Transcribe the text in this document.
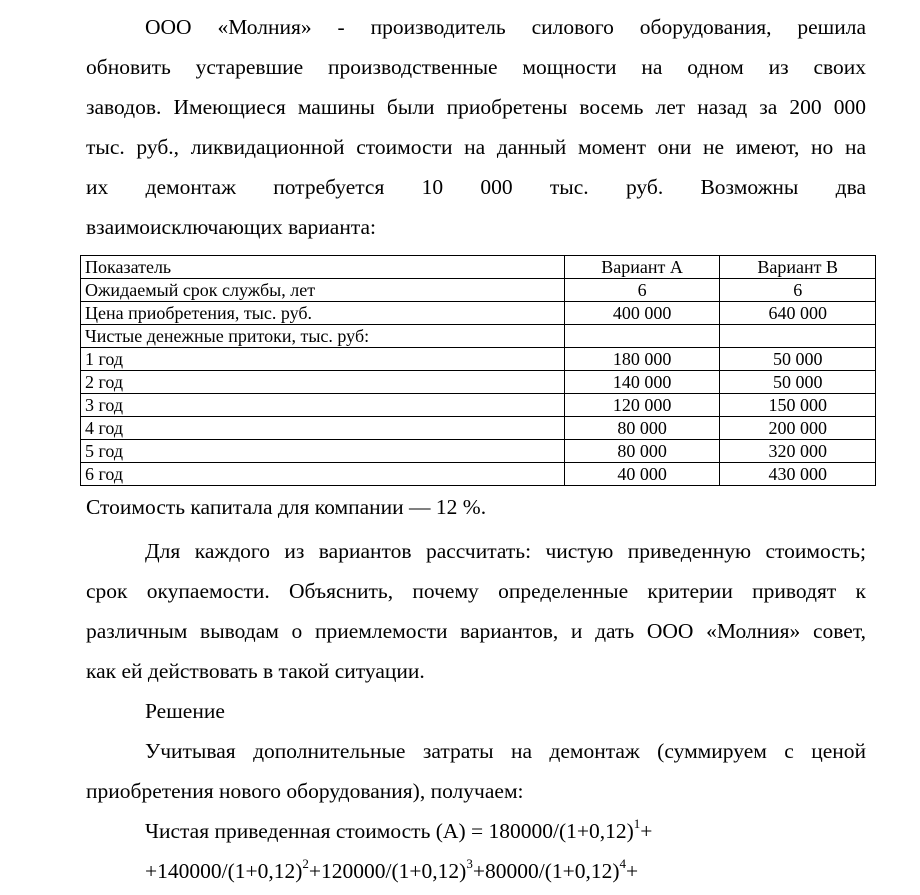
ООО «Молния» - производитель силового оборудования, решила
обновить устаревшие производственные мощности на одном из своих
заводов. Имеющиеся машины были приобретены восемь лет назад за 200 000
тыс. руб., ликвидационной стоимости на данный момент они не имеют, но на
их демонтаж потребуется 10 000 тыс. руб. Возможны два
взаимоисключающих варианта:
Показатель	Вариант А	Вариант В
Ожидаемый срок службы, лет	6	6
Цена приобретения, тыс. руб.	400 000	640 000
Чистые денежные притоки, тыс. руб:		
1 год	180 000	50 000
2 год	140 000	50 000
3 год	120 000	150 000
4 год	80 000	200 000
5 год	80 000	320 000
6 год	40 000	430 000
Стоимость капитала для компании — 12 %.
Для каждого из вариантов рассчитать: чистую приведенную стоимость;
срок окупаемости. Объяснить, почему определенные критерии приводят к
различным выводам о приемлемости вариантов, и дать ООО «Молния» совет,
как ей действовать в такой ситуации.
Решение
Учитывая дополнительные затраты на демонтаж (суммируем с ценой
приобретения нового оборудования), получаем:
Чистая приведенная стоимость $(А) = 180000/(1+0,12)^1+$
$+140000/(1+0,12)^2+120000/(1+0,12)^3+80000/(1+0,12)^4+$
